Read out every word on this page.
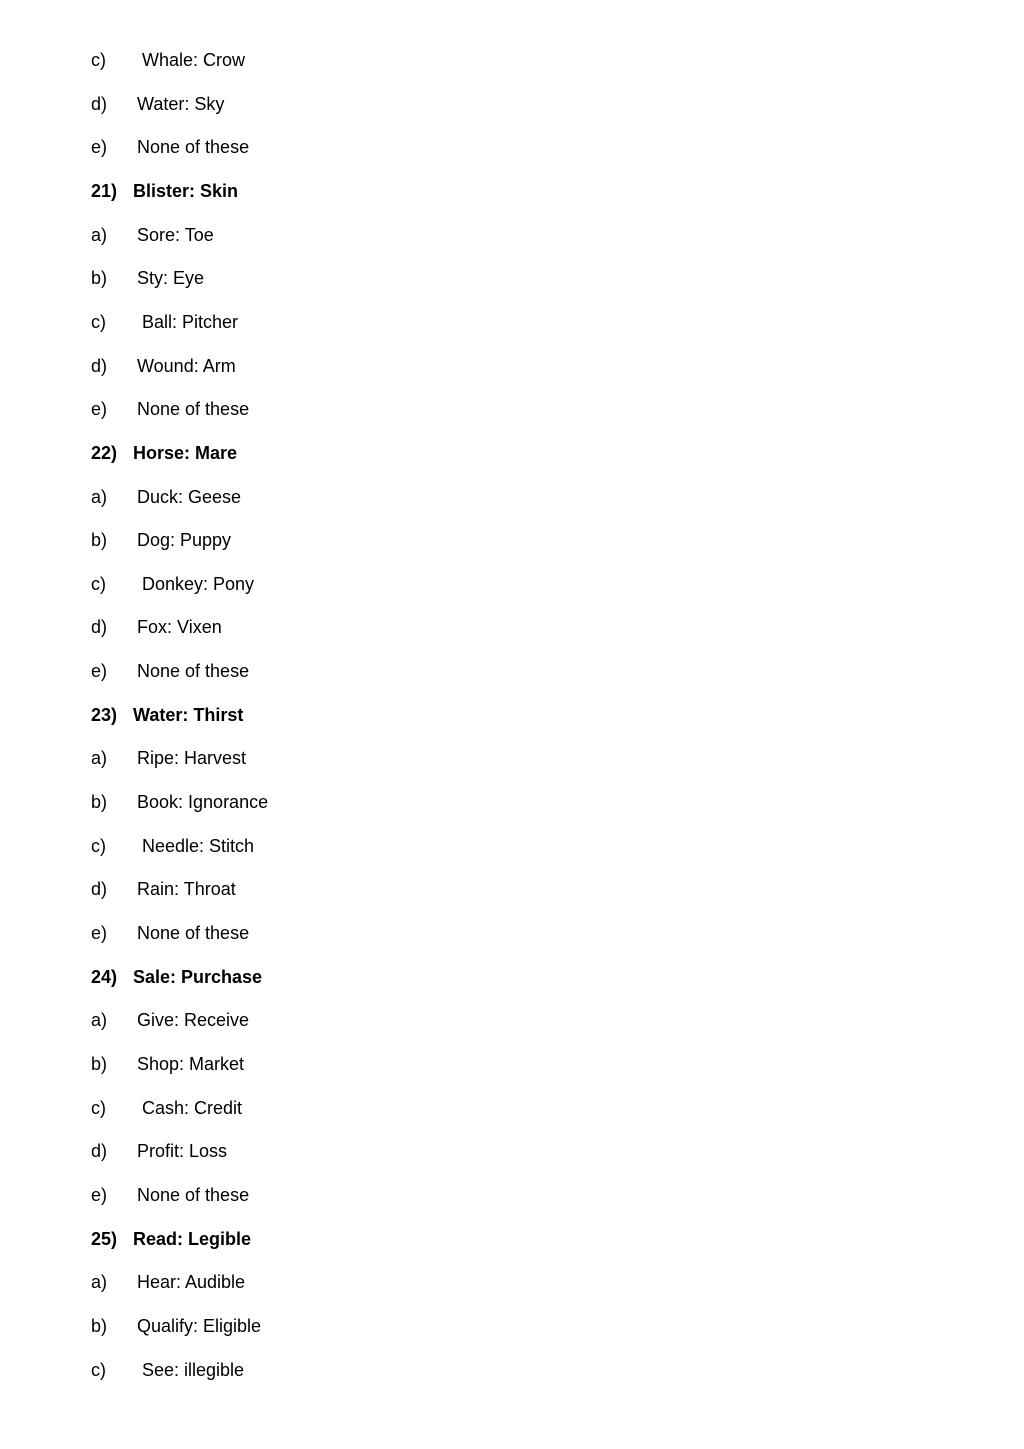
c) Whale: Crow
d) Water: Sky
e) None of these
21) Blister: Skin
a) Sore: Toe
b) Sty: Eye
c) Ball: Pitcher
d) Wound: Arm
e) None of these
22) Horse: Mare
a) Duck: Geese
b) Dog: Puppy
c) Donkey: Pony
d) Fox: Vixen
e) None of these
23) Water: Thirst
a) Ripe: Harvest
b) Book: Ignorance
c) Needle: Stitch
d) Rain: Throat
e) None of these
24) Sale: Purchase
a) Give: Receive
b) Shop: Market
c) Cash: Credit
d) Profit: Loss
e) None of these
25) Read: Legible
a) Hear: Audible
b) Qualify: Eligible
c) See: illegible
